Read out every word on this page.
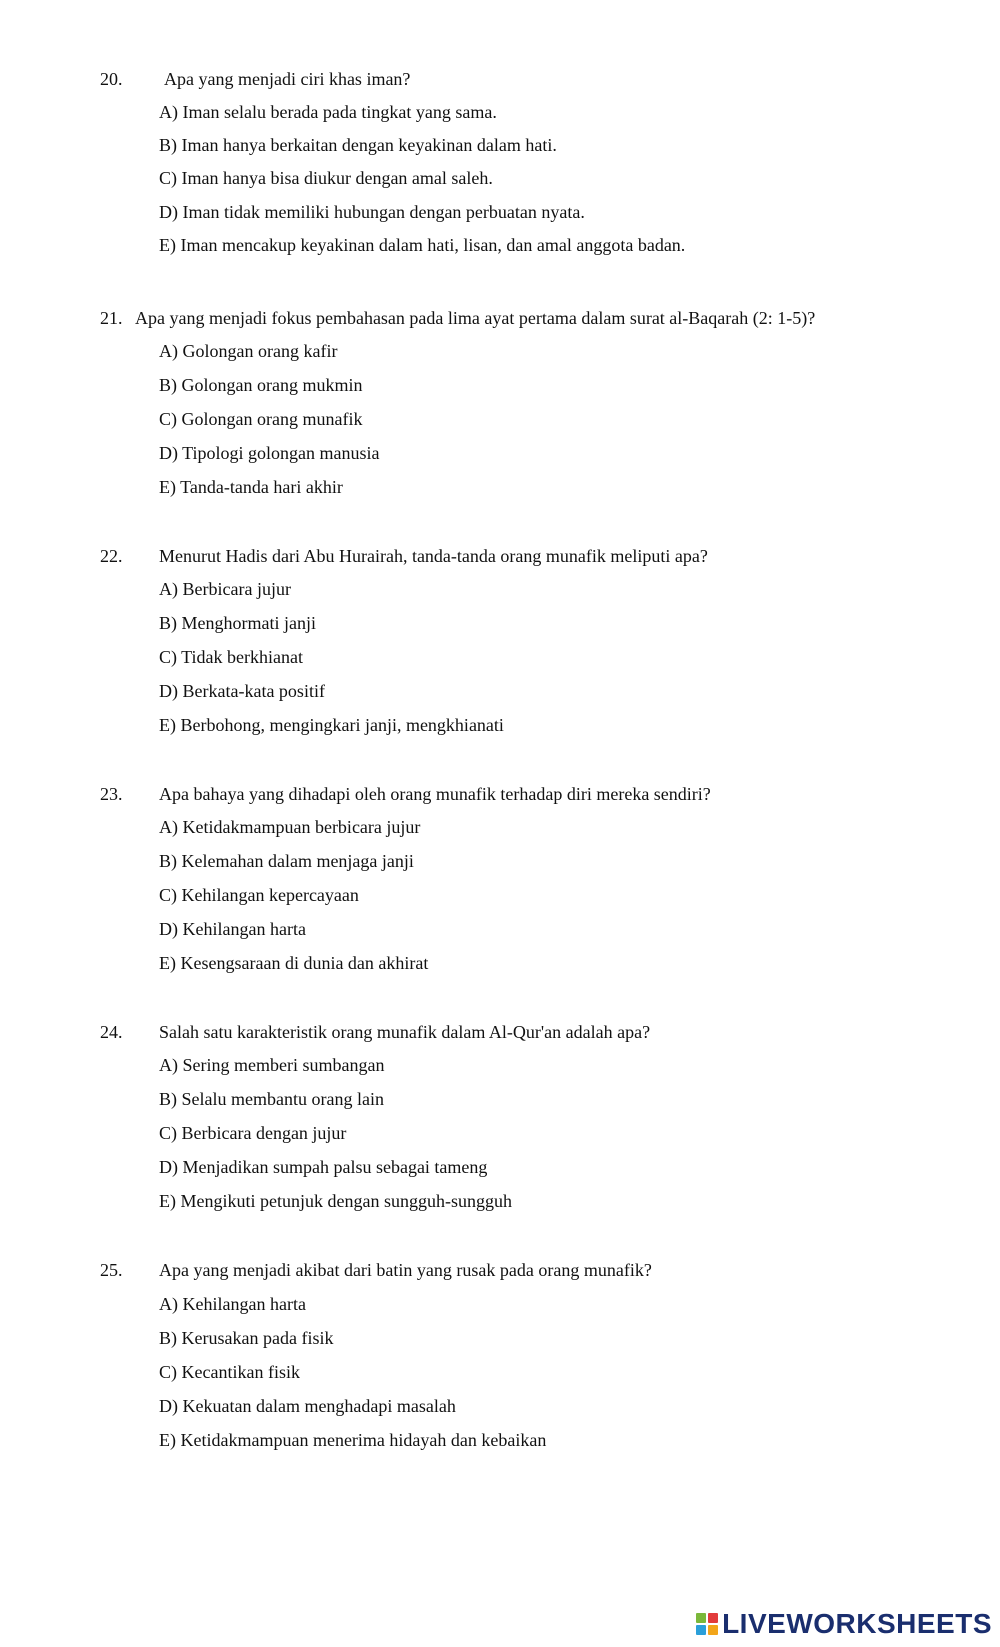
20. Apa yang menjadi ciri khas iman?
A) Iman selalu berada pada tingkat yang sama.
B) Iman hanya berkaitan dengan keyakinan dalam hati.
C) Iman hanya bisa diukur dengan amal saleh.
D) Iman tidak memiliki hubungan dengan perbuatan nyata.
E) Iman mencakup keyakinan dalam hati, lisan, dan amal anggota badan.
21. Apa yang menjadi fokus pembahasan pada lima ayat pertama dalam surat al-Baqarah (2: 1-5)?
A) Golongan orang kafir
B) Golongan orang mukmin
C) Golongan orang munafik
D) Tipologi golongan manusia
E) Tanda-tanda hari akhir
22. Menurut Hadis dari Abu Hurairah, tanda-tanda orang munafik meliputi apa?
A) Berbicara jujur
B) Menghormati janji
C) Tidak berkhianat
D) Berkata-kata positif
E) Berbohong, mengingkari janji, mengkhianati
23. Apa bahaya yang dihadapi oleh orang munafik terhadap diri mereka sendiri?
A) Ketidakmampuan berbicara jujur
B) Kelemahan dalam menjaga janji
C) Kehilangan kepercayaan
D) Kehilangan harta
E) Kesengsaraan di dunia dan akhirat
24. Salah satu karakteristik orang munafik dalam Al-Qur'an adalah apa?
A) Sering memberi sumbangan
B) Selalu membantu orang lain
C) Berbicara dengan jujur
D) Menjadikan sumpah palsu sebagai tameng
E) Mengikuti petunjuk dengan sungguh-sungguh
25. Apa yang menjadi akibat dari batin yang rusak pada orang munafik?
A) Kehilangan harta
B) Kerusakan pada fisik
C) Kecantikan fisik
D) Kekuatan dalam menghadapi masalah
E) Ketidakmampuan menerima hidayah dan kebaikan
LIVEWORKSHEETS
